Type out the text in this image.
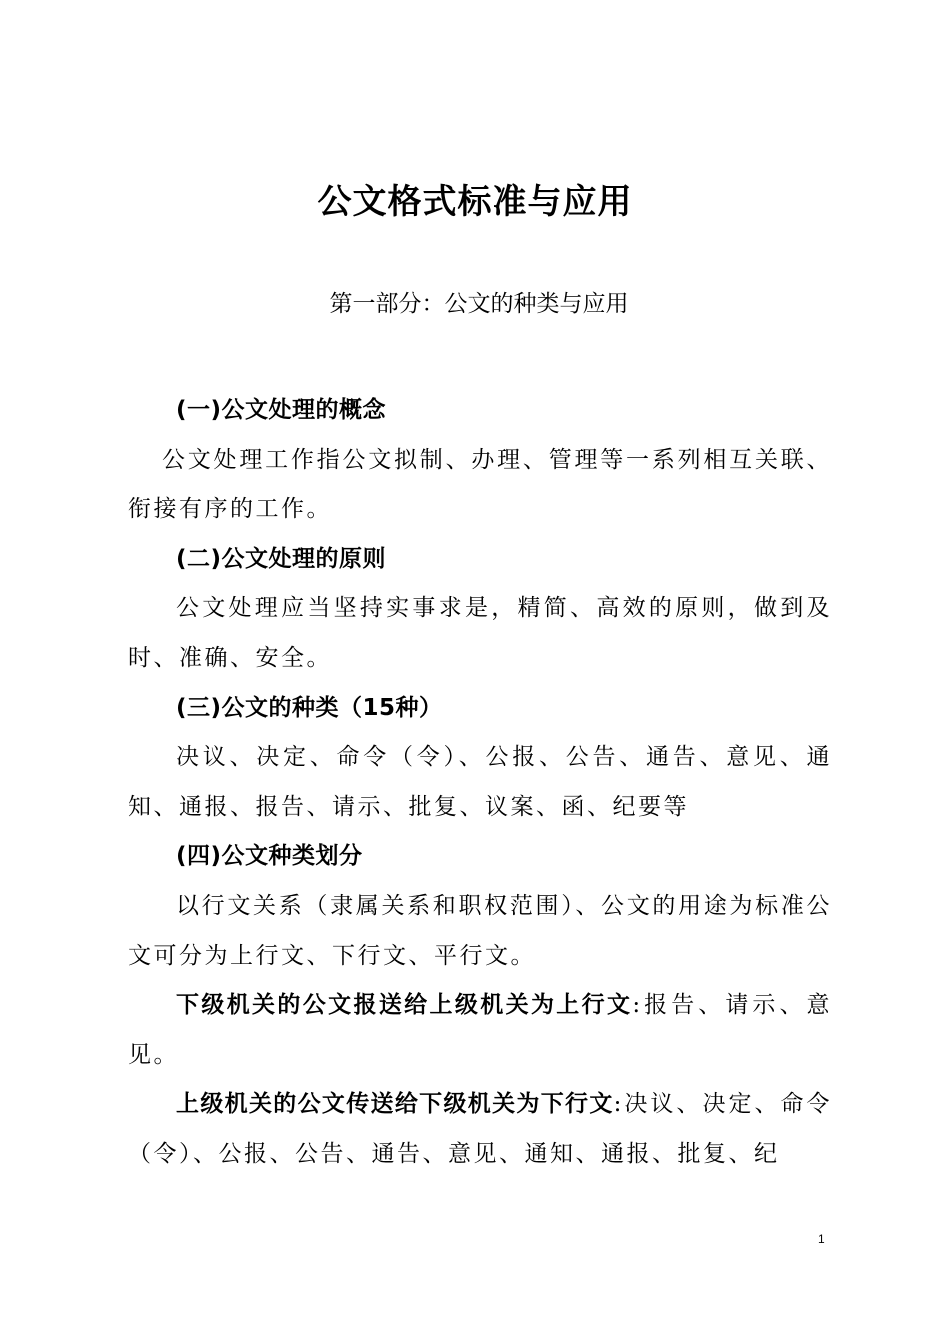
公文格式标准与应用
第一部分：公文的种类与应用

(一)公文处理的概念

公文处理工作指公文拟制、办理、管理等一系列相互关联、衔接有序的工作。

(二)公文处理的原则

公文处理应当坚持实事求是，精简、高效的原则，做到及时、准确、安全。

(三)公文的种类（15种）

决议、决定、命令（令）、公报、公告、通告、意见、通知、通报、报告、请示、批复、议案、函、纪要等

(四)公文种类划分

以行文关系（隶属关系和职权范围）、公文的用途为标准公文可分为上行文、下行文、平行文。

下级机关的公文报送给上级机关为上行文:报告、请示、意见。

上级机关的公文传送给下级机关为下行文:决议、决定、命令（令）、公报、公告、通告、意见、通知、通报、批复、纪

1
